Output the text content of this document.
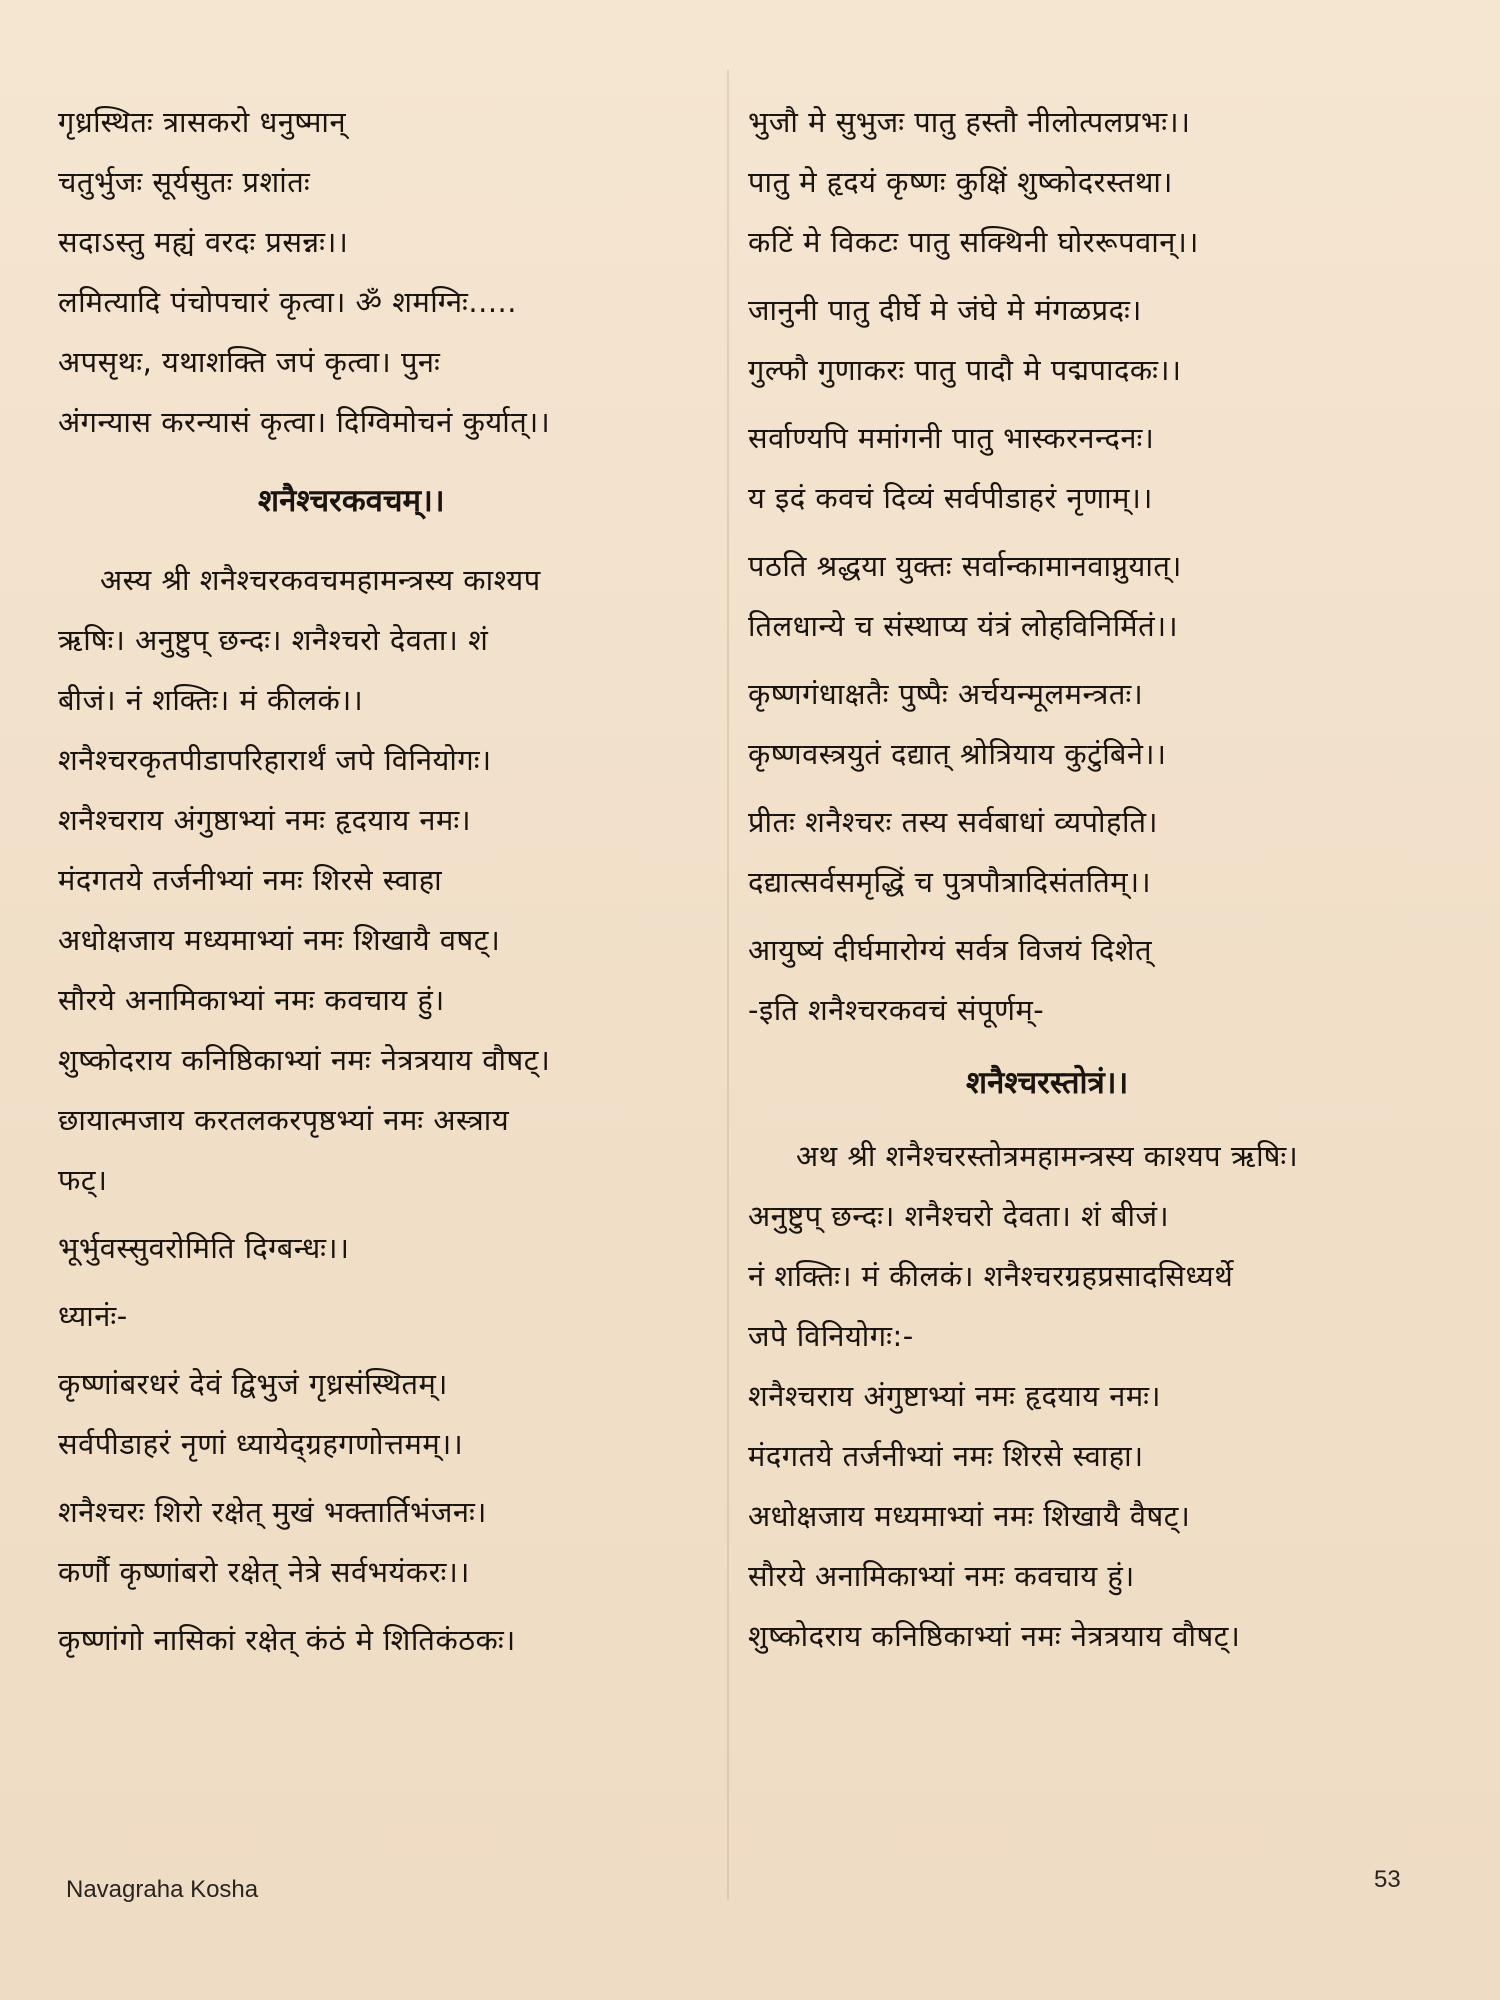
गृध्रस्थितः त्रासकरो धनुष्मान्
चतुर्भुजः सूर्यसुतः प्रशांतः
सदाऽस्तु मह्यं वरदः प्रसन्नः।।
लमित्यादि पंचोपचारं कृत्वा। ॐ शमग्निः.....
अपसृथः, यथाशक्ति जपं कृत्वा। पुनः
अंगन्यास करन्यासं कृत्वा। दिग्विमोचनं कुर्यात्।।
शनैश्चरकवचम्।।
अस्य श्री शनैश्चरकवचमहामन्त्रस्य काश्यप
ऋषिः। अनुष्टुप् छन्दः। शनैश्चरो देवता। शं
बीजं। नं शक्तिः। मं कीलकं।।
शनैश्चरकृतपीडापरिहारार्थं जपे विनियोगः।
शनैश्चराय अंगुष्ठाभ्यां नमः हृदयाय नमः।
मंदगतये तर्जनीभ्यां नमः शिरसे स्वाहा
अधोक्षजाय मध्यमाभ्यां नमः शिखायै वषट्।
सौरये अनामिकाभ्यां नमः कवचाय हुं।
शुष्कोदराय कनिष्ठिकाभ्यां नमः नेत्रत्रयाय वौषट्।
छायात्मजाय करतलकरपृष्ठभ्यां नमः अस्त्राय
फट्।
भूर्भुवस्सुवरोमिति दिग्बन्धः।।
ध्यानंः-
कृष्णांबरधरं देवं द्विभुजं गृध्रसंस्थितम्।
सर्वपीडाहरं नृणां ध्यायेद्ग्रहगणोत्तमम्।।
शनैश्चरः शिरो रक्षेत् मुखं भक्तार्तिभंजनः।
कर्णौ कृष्णांबरो रक्षेत् नेत्रे सर्वभयंकरः।।
कृष्णांगो नासिकां रक्षेत् कंठं मे शितिकंठकः।
भुजौ मे सुभुजः पातु हस्तौ नीलोत्पलप्रभः।।
पातु मे हृदयं कृष्णः कुक्षिं शुष्कोदरस्तथा।
कटिं मे विकटः पातु सक्थिनी घोररूपवान्।।
जानुनी पातु दीर्घे मे जंघे मे मंगळप्रदः।
गुल्फौ गुणाकरः पातु पादौ मे पद्मपादकः।।
सर्वाण्यपि ममांगनी पातु भास्करनन्दनः।
य इदं कवचं दिव्यं सर्वपीडाहरं नृणाम्।।
पठति श्रद्धया युक्तः सर्वान्कामानवाप्नुयात्।
तिलधान्ये च संस्थाप्य यंत्रं लोहविनिर्मितं।।
कृष्णगंधाक्षतैः पुष्पैः अर्चयन्मूलमन्त्रतः।
कृष्णवस्त्रयुतं दद्यात् श्रोत्रियाय कुटुंबिने।।
प्रीतः शनैश्चरः तस्य सर्वबाधां व्यपोहति।
दद्यात्सर्वसमृद्धिं च पुत्रपौत्रादिसंततिम्।।
आयुष्यं दीर्घमारोग्यं सर्वत्र विजयं दिशेत्
-इति शनैश्चरकवचं संपूर्णम्-
शनैश्चरस्तोत्रं।।
अथ श्री शनैश्चरस्तोत्रमहामन्त्रस्य काश्यप ऋषिः।
अनुष्टुप् छन्दः। शनैश्चरो देवता। शं बीजं।
नं शक्तिः। मं कीलकं। शनैश्चरग्रहप्रसादसिध्यर्थे
जपे विनियोगः:-
शनैश्चराय अंगुष्टाभ्यां नमः हृदयाय नमः।
मंदगतये तर्जनीभ्यां नमः शिरसे स्वाहा।
अधोक्षजाय मध्यमाभ्यां नमः शिखायै वैषट्।
सौरये अनामिकाभ्यां नमः कवचाय हुं।
शुष्कोदराय कनिष्ठिकाभ्यां नमः नेत्रत्रयाय वौषट्।
Navagraha Kosha	53
